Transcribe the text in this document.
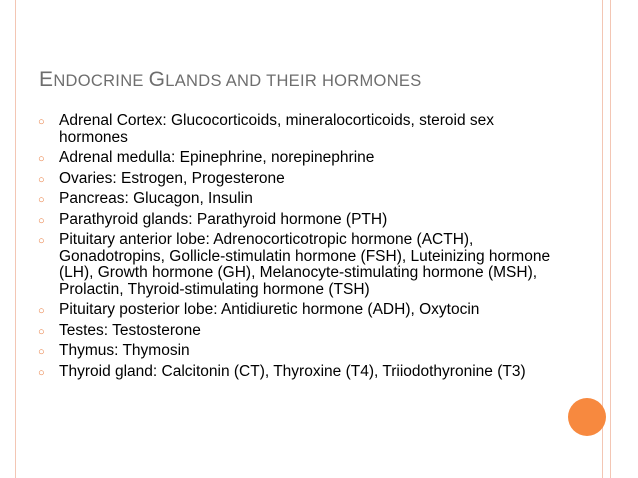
ENDOCRINE GLANDS AND THEIR HORMONES
○ Adrenal Cortex: Glucocorticoids, mineralocorticoids, steroid sex hormones
○ Adrenal medulla: Epinephrine, norepinephrine
○ Ovaries: Estrogen, Progesterone
○ Pancreas: Glucagon, Insulin
○ Parathyroid glands: Parathyroid hormone (PTH)
○ Pituitary anterior lobe: Adrenocorticotropic hormone (ACTH), Gonadotropins, Gollicle-stimulatin hormone (FSH), Luteinizing hormone (LH), Growth hormone (GH), Melanocyte-stimulating hormone (MSH), Prolactin, Thyroid-stimulating hormone (TSH)
○ Pituitary posterior lobe: Antidiuretic hormone (ADH), Oxytocin
○ Testes: Testosterone
○ Thymus: Thymosin
○ Thyroid gland: Calcitonin (CT), Thyroxine (T4), Triiodothyronine (T3)
